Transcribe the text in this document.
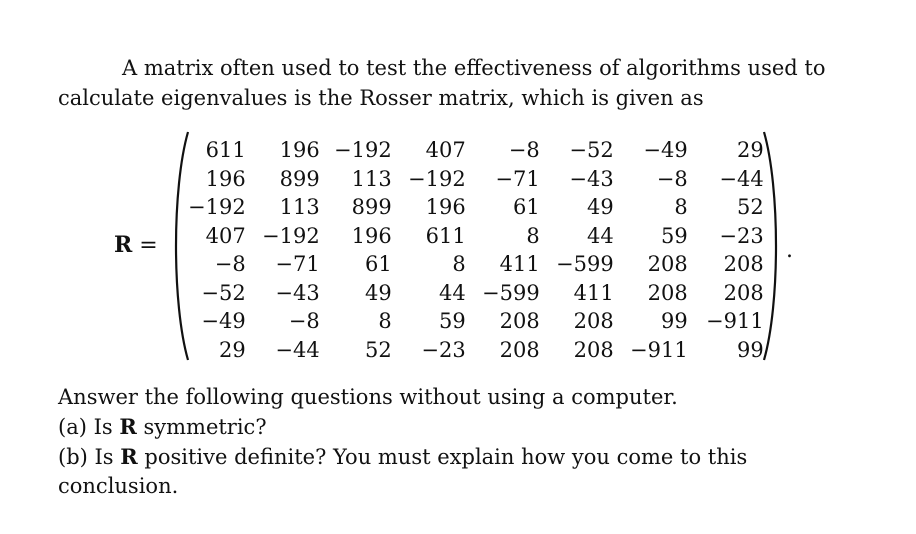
A matrix often used to test the effectiveness of algorithms used to
calculate eigenvalues is the Rosser matrix, which is given as

R =
611	196	−192	407	−8	−52	−49	29
196	899	113	−192	−71	−43	−8	−44
−192	113	899	196	61	49	8	52
407	−192	196	611	8	44	59	−23
−8	−71	61	8	411	−599	208	208
−52	−43	49	44	−599	411	208	208
−49	−8	8	59	208	208	99	−911
29	−44	52	−23	208	208	−911	99
.
Answer the following questions without using a computer.
(a) Is R symmetric?
(b) Is R positive definite? You must explain how you come to this conclusion.
